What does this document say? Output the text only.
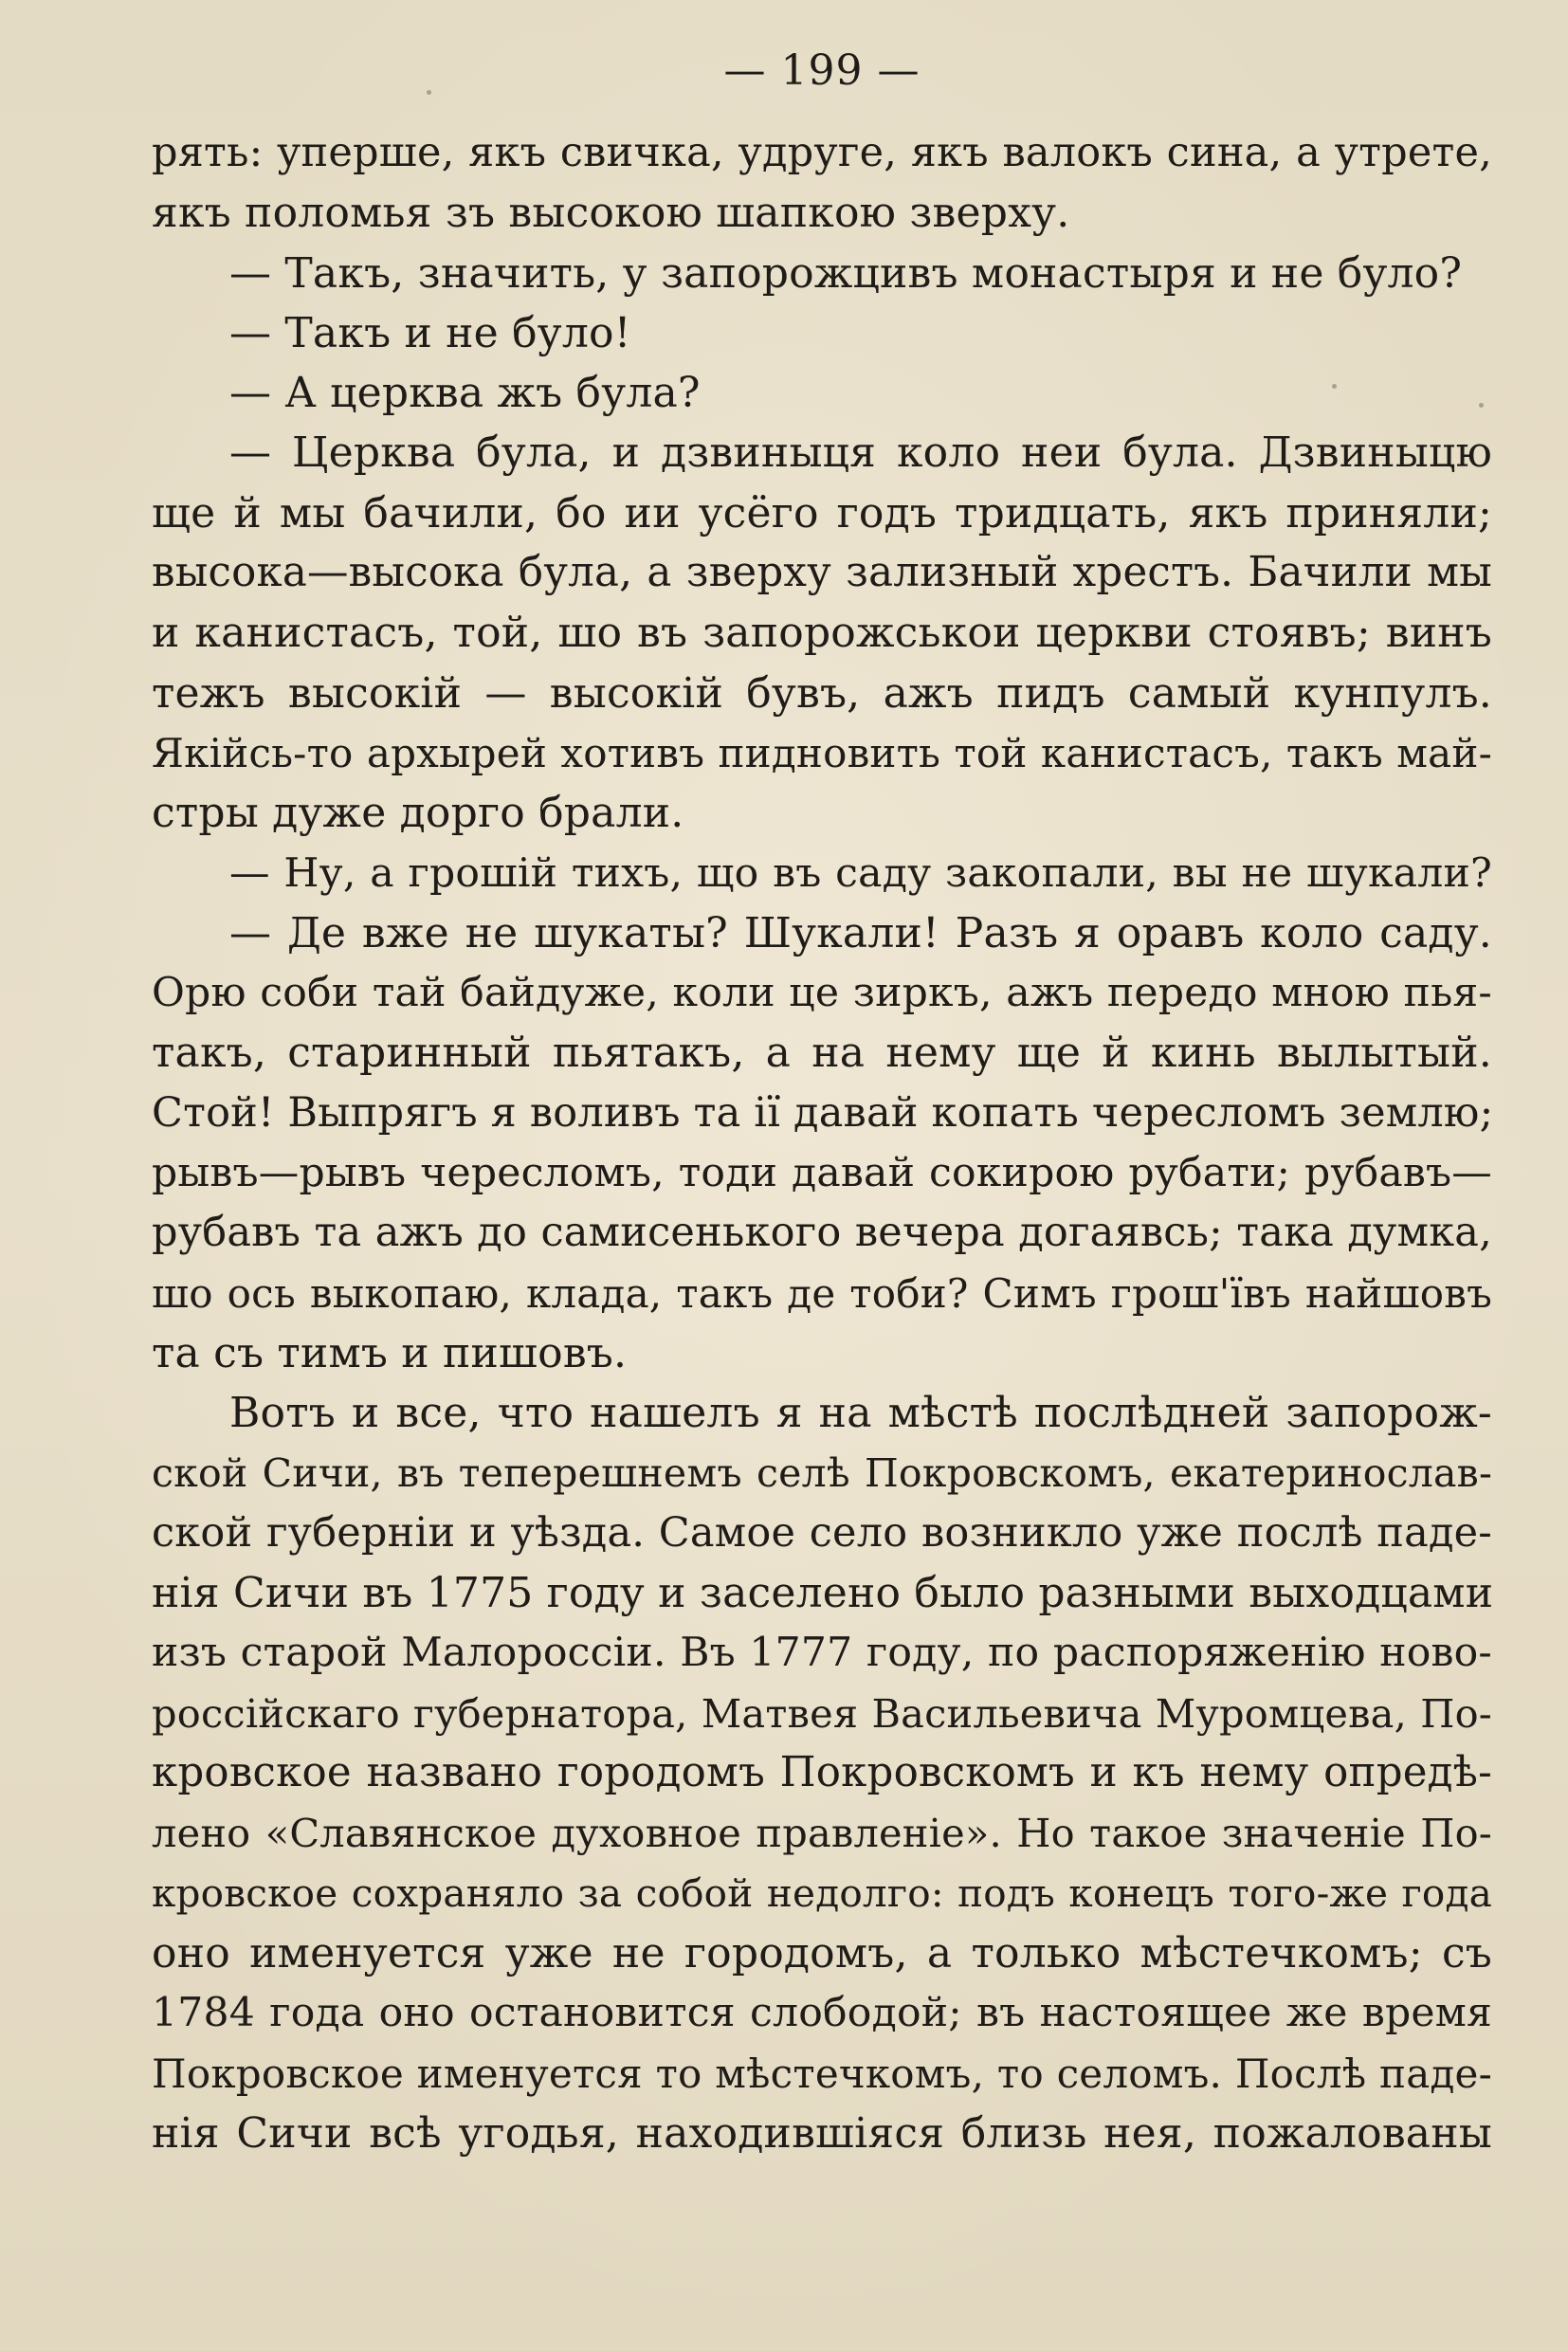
— 199 —
рять: уперше, якъ свичка, удруге, якъ валокъ сина, а утрете,
якъ поломья зъ высокою шапкою зверху.
— Такъ, значить, у запорожцивъ монастыря и не було?
— Такъ и не було!
— А церква жъ була?
— Церква була, и дзвиныця коло неи була. Дзвиныцю
ще й мы бачили, бо ии усёго годъ тридцать, якъ приняли;
высока—высока була, а зверху зализный хрестъ. Бачили мы
и канистасъ, той, шо въ запорожськои церкви стоявъ; винъ
тежъ высокій — высокій бувъ, ажъ пидъ самый кунпулъ.
Якійсь-то архырей хотивъ пидновить той канистасъ, такъ май-
стры дуже дорго брали.
— Ну, а грошій тихъ, що въ саду закопали, вы не шукали?
— Де вже не шукаты? Шукали! Разъ я оравъ коло саду.
Орю соби тай байдуже, коли це зиркъ, ажъ передо мною пья-
такъ, старинный пьятакъ, а на нему ще й кинь вылытый.
Стой! Выпрягъ я воливъ та ії давай копать чересломъ землю;
рывъ—рывъ чересломъ, тоди давай сокирою рубати; рубавъ—
рубавъ та ажъ до самисенького вечера догаявсь; така думка,
шо ось выкопаю, клада, такъ де тоби? Симъ грош'ївъ найшовъ
та съ тимъ и пишовъ.
Вотъ и все, что нашелъ я на мѣстѣ послѣдней запорож-
ской Сичи, въ теперешнемъ селѣ Покровскомъ, екатеринослав-
ской губерніи и уѣзда. Самое село возникло уже послѣ паде-
нія Сичи въ 1775 году и заселено было разными выходцами
изъ старой Малороссіи. Въ 1777 году, по распоряженію ново-
россійскаго губернатора, Матвея Васильевича Муромцева, По-
кровское названо городомъ Покровскомъ и къ нему опредѣ-
лено «Славянское духовное правленіе». Но такое значеніе По-
кровское сохраняло за собой недолго: подъ конецъ того-же года
оно именуется уже не городомъ, а только мѣстечкомъ; съ
1784 года оно остановится слободой; въ настоящее же время
Покровское именуется то мѣстечкомъ, то селомъ. Послѣ паде-
нія Сичи всѣ угодья, находившіяся близь нея, пожалованы
